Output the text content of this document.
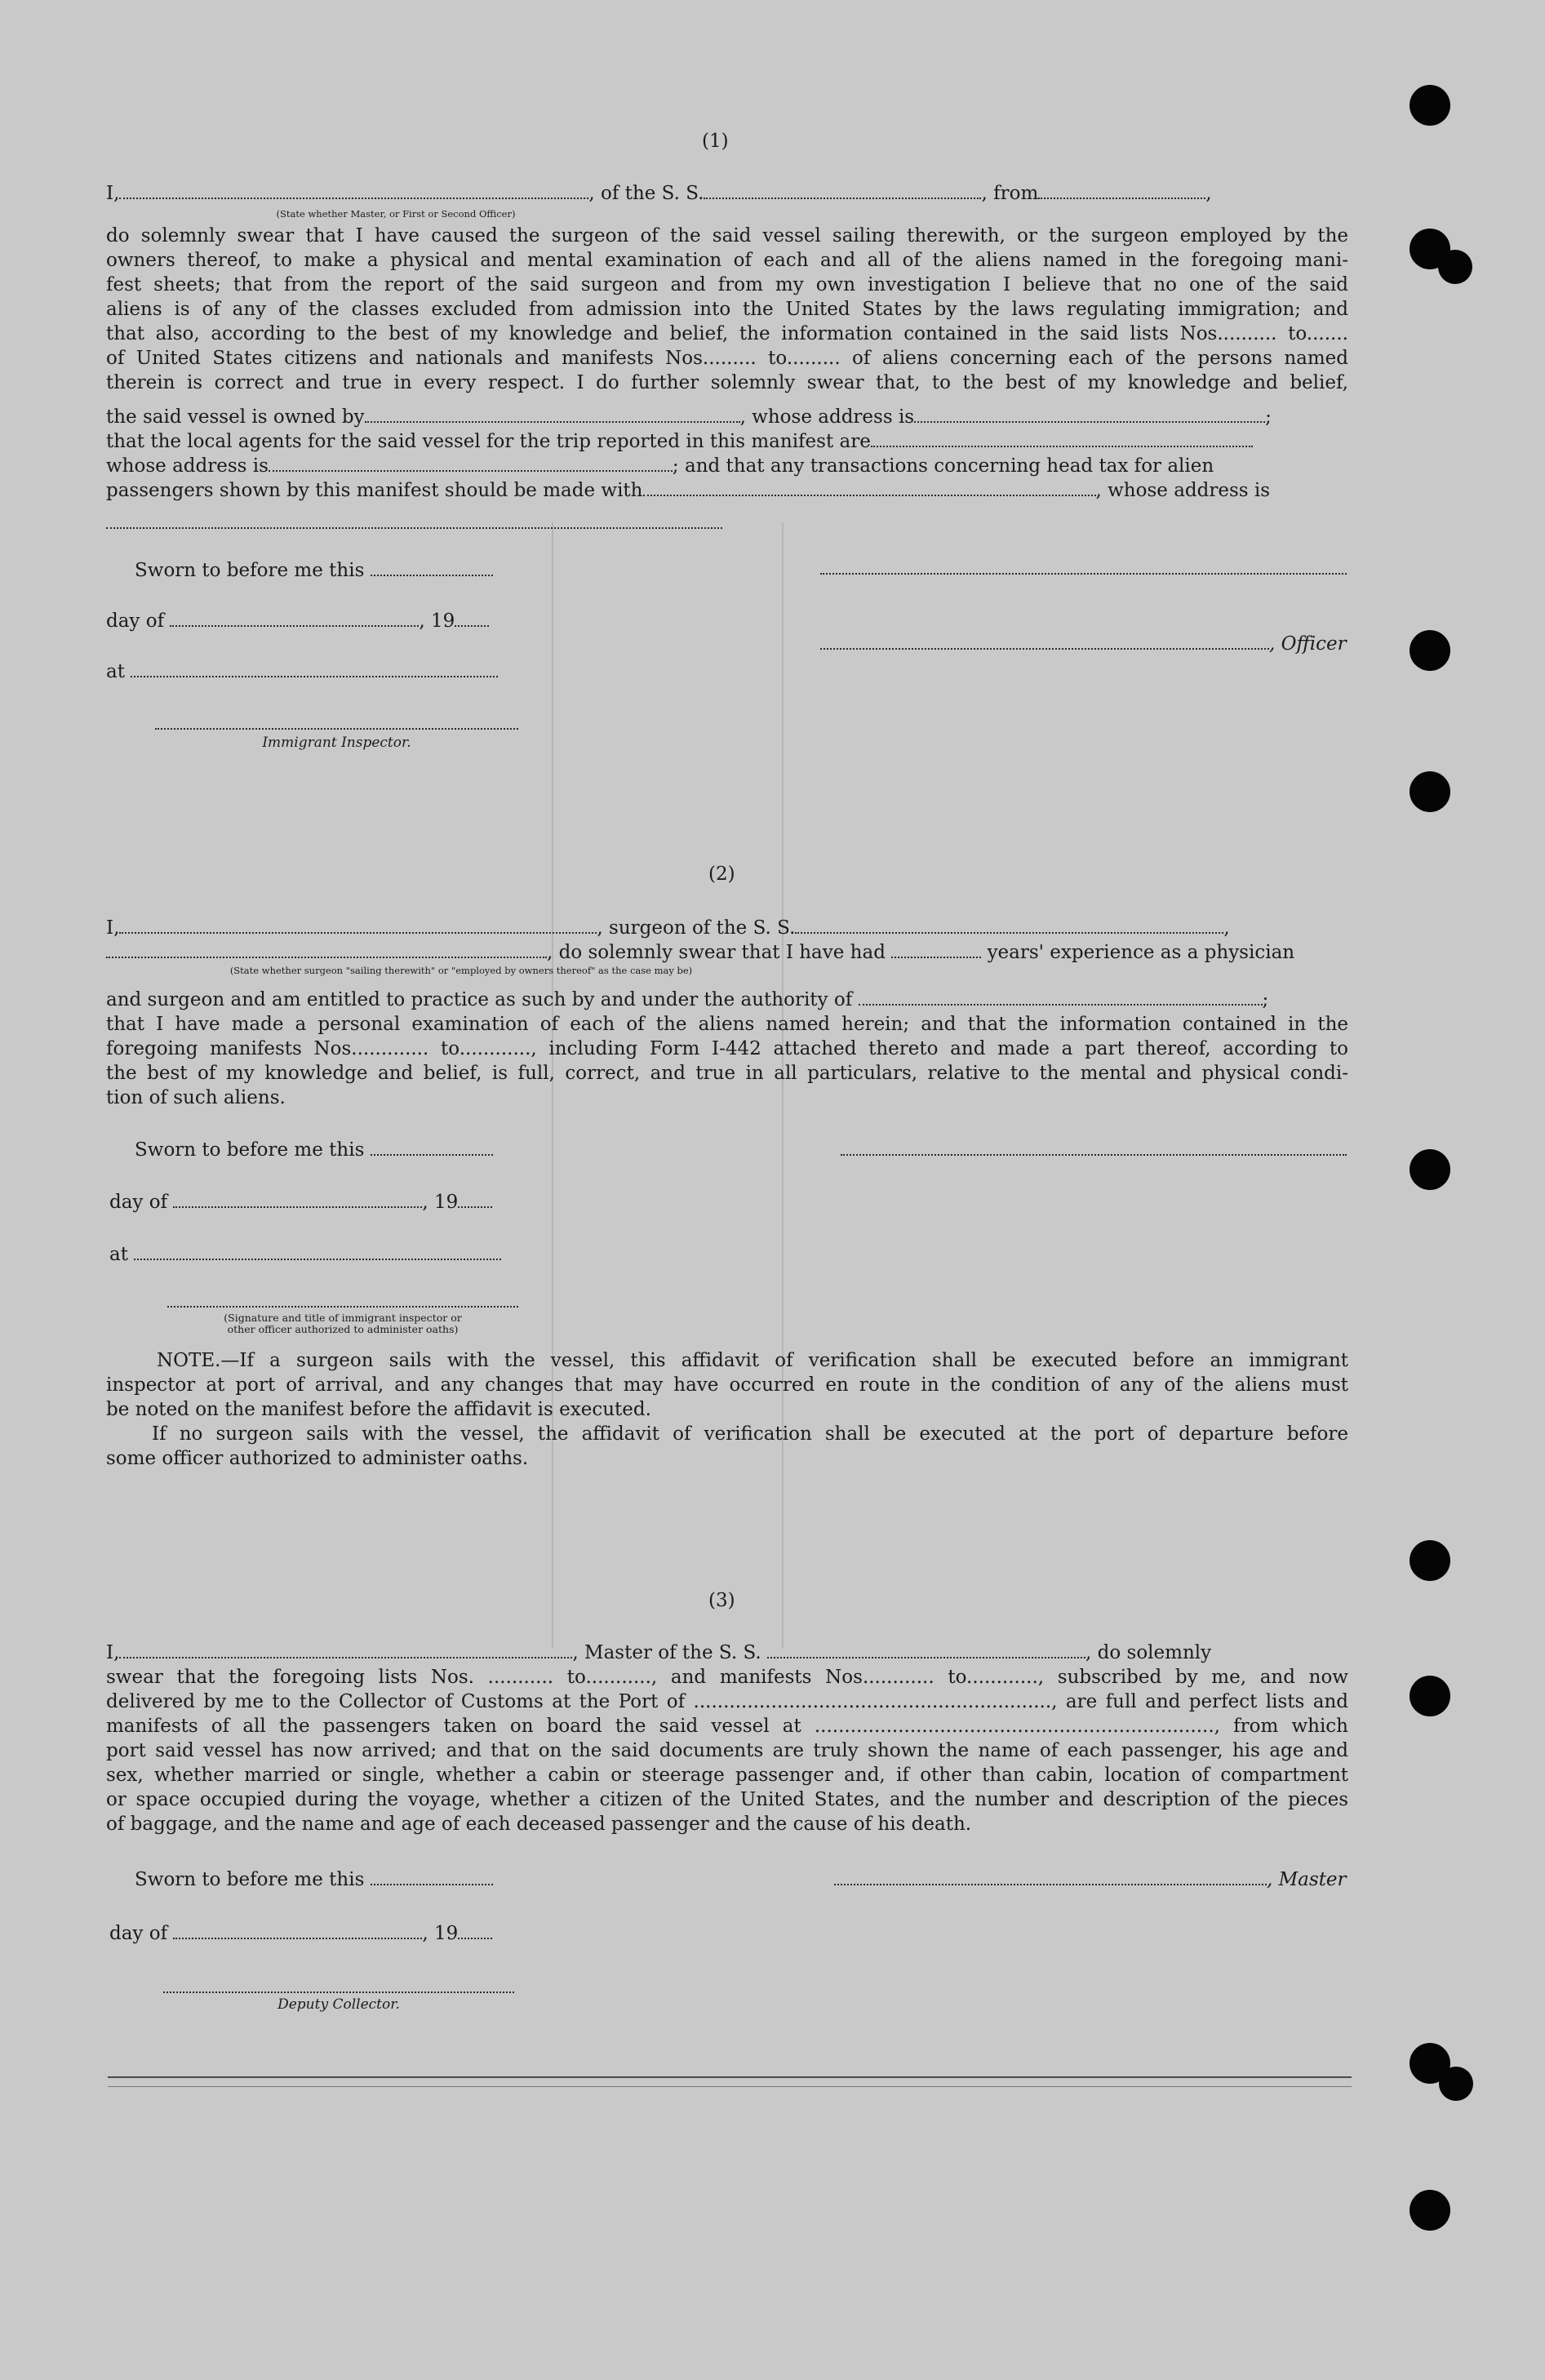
(1)
I,	, of the S. S.	, from	,
(State whether Master, or First or Second Officer)
do solemnly swear that I have caused the surgeon of the said vessel sailing therewith, or the surgeon employed by the
owners thereof, to make a physical and mental examination of each and all of the aliens named in the foregoing mani-
fest sheets; that from the report of the said surgeon and from my own investigation I believe that no one of the said
aliens is of any of the classes excluded from admission into the United States by the laws regulating immigration; and
that also, according to the best of my knowledge and belief, the information contained in the said lists Nos.......... to.......
of United States citizens and nationals and manifests Nos......... to......... of aliens concerning each of the persons named
therein is correct and true in every respect. I do further solemnly swear that, to the best of my knowledge and belief,
the said vessel is owned by	, whose address is	;
that the local agents for the said vessel for the trip reported in this manifest are
whose address is	; and that any transactions concerning head tax for alien
passengers shown by this manifest should be made with	, whose address is
Sworn to before me this
day of	, 19
at
Immigrant Inspector.
, Officer
(2)
I,	, surgeon of the S. S.	,
, do solemnly swear that I have had	years' experience as a physician
(State whether surgeon "sailing therewith" or "employed by owners thereof" as the case may be)
and surgeon and am entitled to practice as such by and under the authority of	;
that I have made a personal examination of each of the aliens named herein; and that the information contained in the
foregoing manifests Nos............. to............, including Form I-442 attached thereto and made a part thereof, according to
the best of my knowledge and belief, is full, correct, and true in all particulars, relative to the mental and physical condi-
tion of such aliens.
Sworn to before me this
day of	, 19
at
(Signature and title of immigrant inspector or
other officer authorized to administer oaths)
NOTE.—If a surgeon sails with the vessel, this affidavit of verification shall be executed before an immigrant
inspector at port of arrival, and any changes that may have occurred en route in the condition of any of the aliens must
be noted on the manifest before the affidavit is executed.
If no surgeon sails with the vessel, the affidavit of verification shall be executed at the port of departure before
some officer authorized to administer oaths.
(3)
I,	, Master of the S. S.	, do solemnly
swear that the foregoing lists Nos. ........... to..........., and manifests Nos............ to............, subscribed by me, and now
delivered by me to the Collector of Customs at the Port of ............................................................, are full and perfect lists and
manifests of all the passengers taken on board the said vessel at ..................................................................., from which
port said vessel has now arrived; and that on the said documents are truly shown the name of each passenger, his age and
sex, whether married or single, whether a cabin or steerage passenger and, if other than cabin, location of compartment
or space occupied during the voyage, whether a citizen of the United States, and the number and description of the pieces
of baggage, and the name and age of each deceased passenger and the cause of his death.
Sworn to before me this
day of	, 19
Deputy Collector.
, Master
